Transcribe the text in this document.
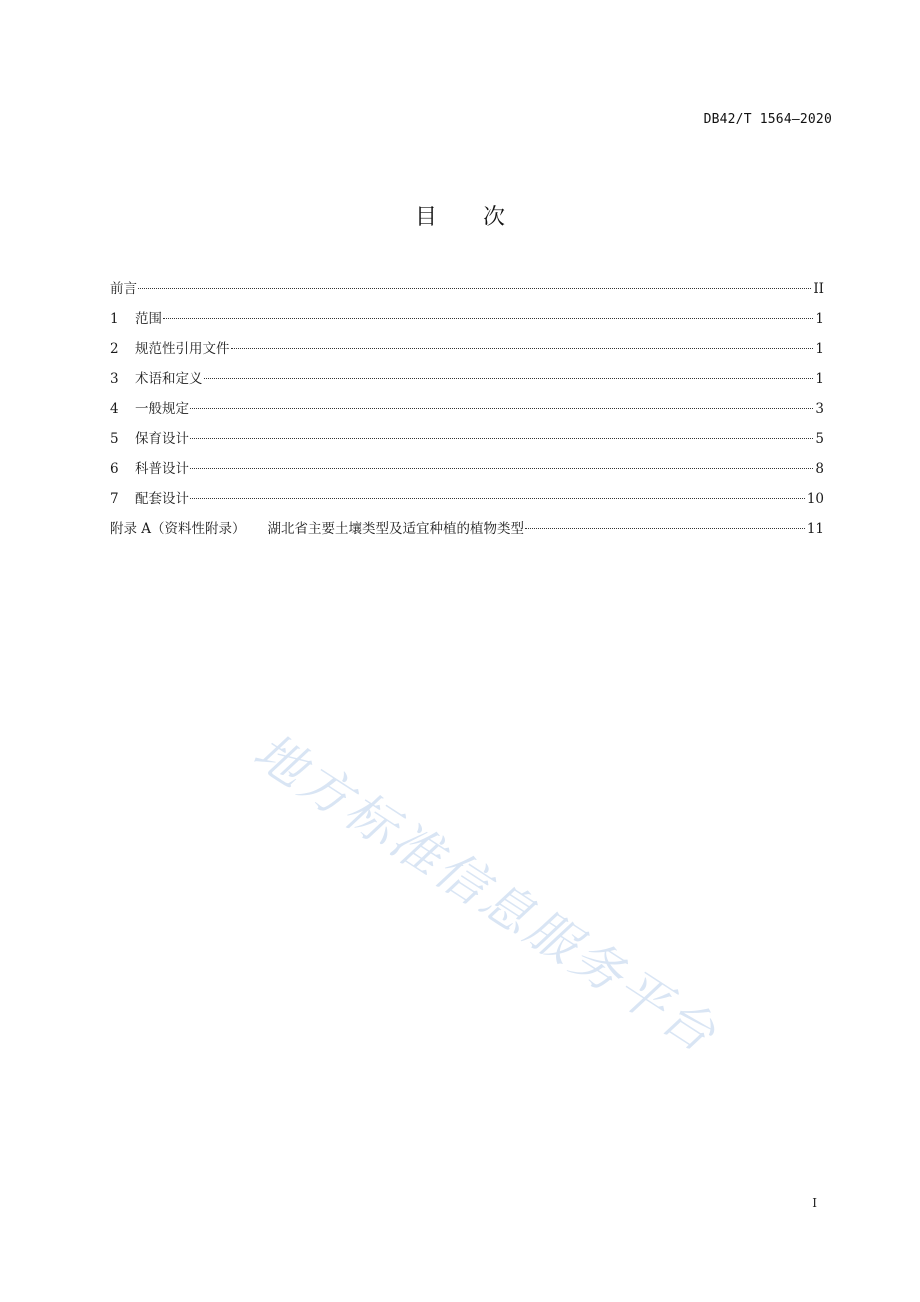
DB42/T 1564—2020
目次
前言	II
1	范围	1
2	规范性引用文件	1
3	术语和定义	1
4	一般规定	3
5	保育设计	5
6	科普设计	8
7	配套设计	10
附录 A（资料性附录） 湖北省主要土壤类型及适宜种植的植物类型	11
地方标准信息服务平台
I
